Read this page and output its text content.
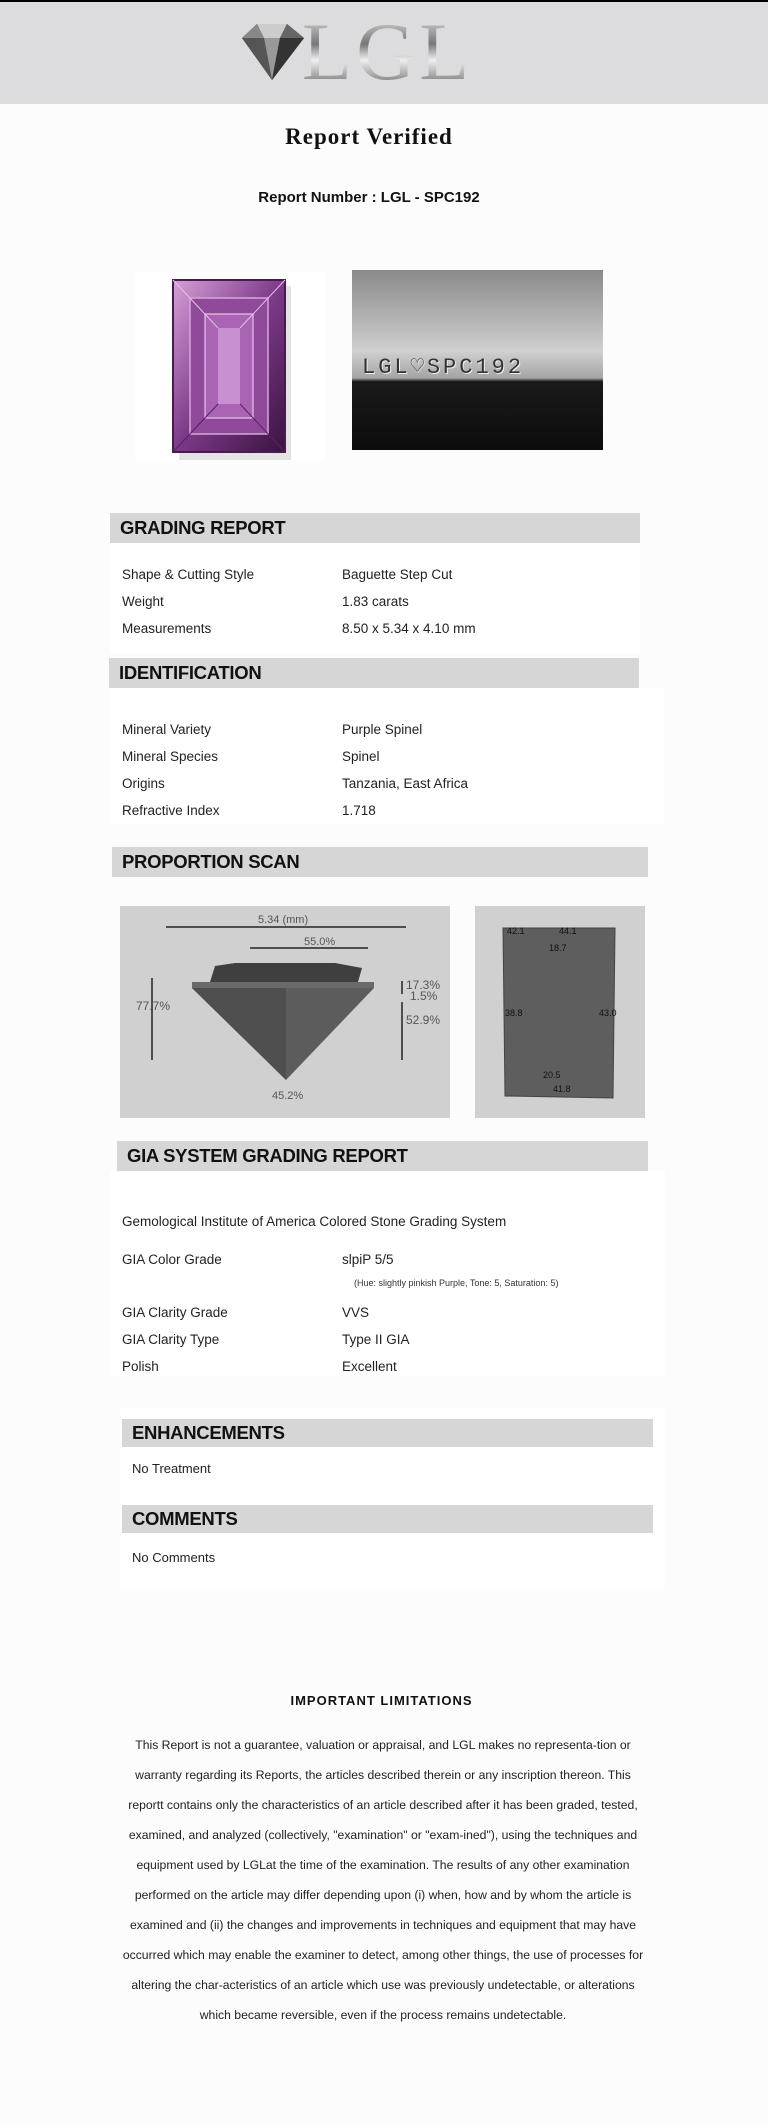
LGL
Report Verified
Report Number : LGL - SPC192
LGL♡SPC192
GRADING REPORT
Shape & Cutting Style	Baguette Step Cut
Weight	1.83 carats
Measurements	8.50 x 5.34 x 4.10 mm
IDENTIFICATION
Mineral Variety	Purple Spinel
Mineral Species	Spinel
Origins	Tanzania, East Africa
Refractive Index	1.718
PROPORTION SCAN
5.34 (mm)
55.0%
77.7%
17.3%
1.5%
52.9%
45.2%
42.1	44.1
18.7
38.8	43.0
20.5
41.8
GIA SYSTEM GRADING REPORT
Gemological Institute of America Colored Stone Grading System
GIA Color Grade	slpiP 5/5
(Hue: slightly pinkish Purple, Tone: 5, Saturation: 5)
GIA Clarity Grade	VVS
GIA Clarity Type	Type II GIA
Polish	Excellent
ENHANCEMENTS
No Treatment
COMMENTS
No Comments
IMPORTANT LIMITATIONS
This Report is not a guarantee, valuation or appraisal, and LGL makes no representa-tion or warranty regarding its Reports, the articles described therein or any inscription thereon. This reportt contains only the characteristics of an article described after it has been graded, tested, examined, and analyzed (collectively, "examination" or "exam-ined"), using the techniques and equipment used by LGLat the time of the examination. The results of any other examination performed on the article may differ depending upon (i) when, how and by whom the article is examined and (ii) the changes and improvements in techniques and equipment that may have occurred which may enable the examiner to detect, among other things, the use of processes for altering the char-acteristics of an article which use was previously undetectable, or alterations which became reversible, even if the process remains undetectable.
